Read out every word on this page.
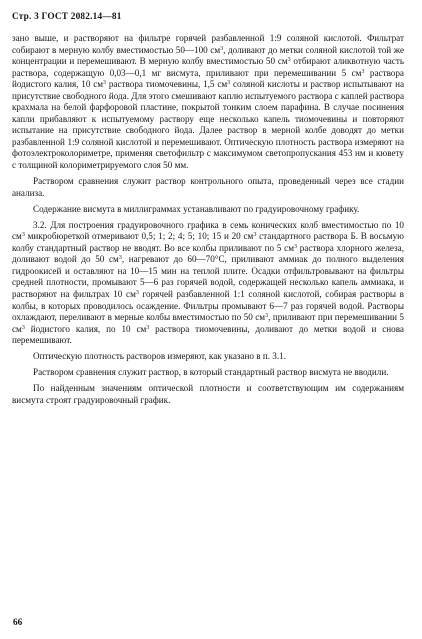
Стр. 3 ГОСТ 2082.14—81

зано выше, и растворяют на фильтре горячей разбавленной 1:9 соляной кислотой. Фильтрат собирают в мерную колбу вместимостью 50—100 $см^3$, доливают до метки соляной кислотой той же концентрации и перемешивают. В мерную колбу вместимостью 50 $см^3$ отбирают аликвотную часть раствора, содержащую 0,03—0,1 мг висмута, приливают при перемешивании 5 $см^3$ раствора йодистого калия, 10 $см^3$ раствора тиомочевины, 1,5 $см^3$ соляной кислоты и раствор испытывают на присутствие свободного йода. Для этого смешивают каплю испытуемого раствора с каплей раствора крахмала на белой фарфоровой пластине, покрытой тонким слоем парафина. В случае посинения капли прибавляют к испытуемому раствору еще несколько капель тиомочевины и повторяют испытание на присутствие свободного йода. Далее раствор в мерной колбе доводят до метки разбавленной 1:9 соляной кислотой и перемешивают. Оптическую плотность раствора измеряют на фотоэлектроколориметре, применяя светофильтр с максимумом светопропускания 453 нм и кювету с толщиной колориметрируемого слоя 50 мм.

Раствором сравнения служит раствор контрольного опыта, проведенный через все стадии анализа.

Содержание висмута в миллиграммах устанавливают по градуировочному графику.

3.2. Для построения градуировочного графика в семь конических колб вместимостью по 10 $см^3$ микробюреткой отмеривают 0,5; 1; 2; 4; 5; 10; 15 и 20 $см^3$ стандартного раствора Б. В восьмую колбу стандартный раствор не вводят. Во все колбы приливают по 5 $см^3$ раствора хлорного железа, доливают водой до 50 $см^3$, нагревают до 60—70°С, приливают аммиак до полного выделения гидроокисей и оставляют на 10—15 мин на теплой плите. Осадки отфильтровывают на фильтры средней плотности, промывают 5—6 раз горячей водой, содержащей несколько капель аммиака, и растворяют на фильтрах 10 $см^3$ горячей разбавленной 1:1 соляной кислотой, собирая растворы в колбы, в которых проводилось осаждение. Фильтры промывают 6—7 раз горячей водой. Растворы охлаждают, переливают в мерные колбы вместимостью по 50 $см^3$, приливают при перемешивании 5 $см^3$ йодистого калия, по 10 $см^3$ раствора тиомочевины, доливают до метки водой и снова перемешивают.

Оптическую плотность растворов измеряют, как указано в п. 3.1.

Раствором сравнения служит раствор, в который стандартный раствор висмута не вводили.

По найденным значениям оптической плотности и соответствующим им содержаниям висмута строят градуировочный график.

66
